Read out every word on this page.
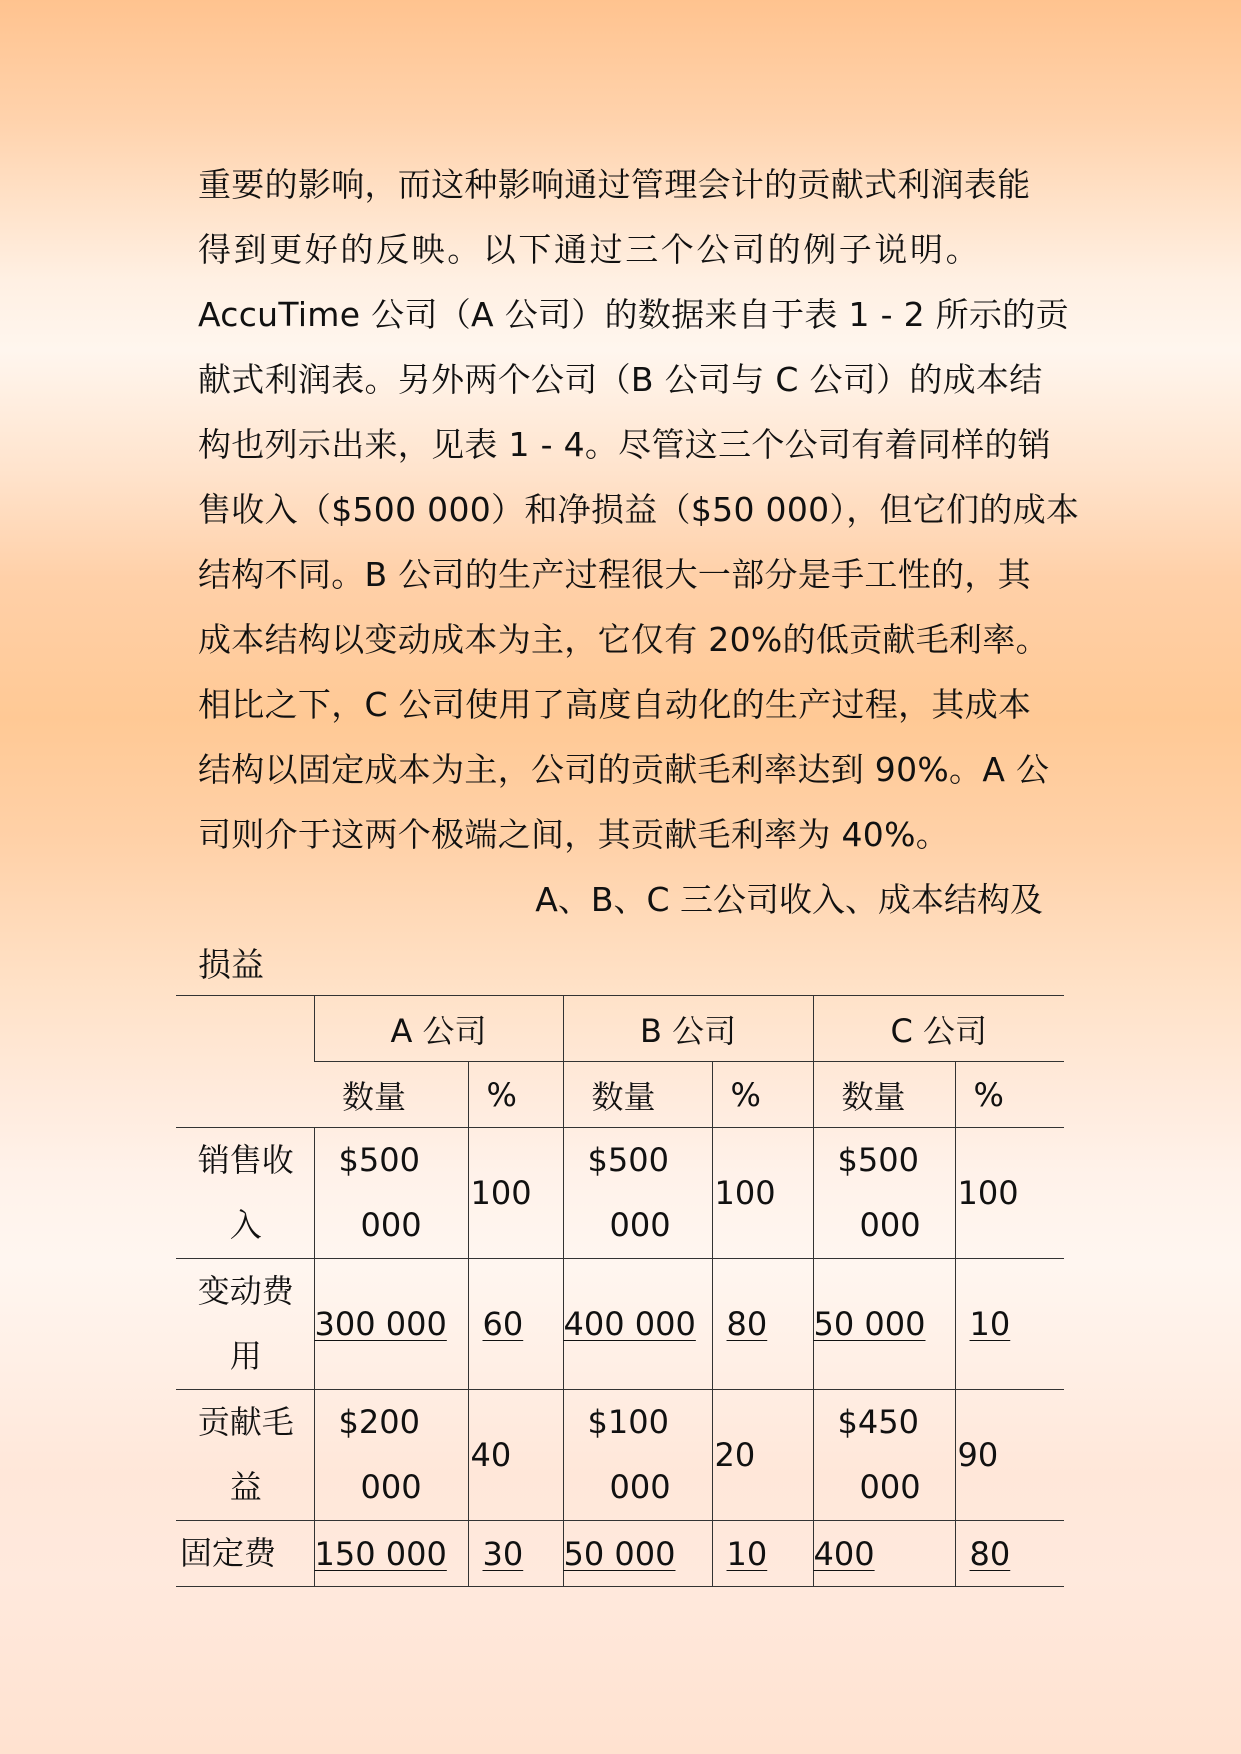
重要的影响，而这种影响通过管理会计的贡献式利润表能
得到更好的反映。以下通过三个公司的例子说明。
AccuTime 公司（A 公司）的数据来自于表 1 - 2 所示的贡
献式利润表。另外两个公司（B 公司与 C 公司）的成本结
构也列示出来，见表 1 - 4。尽管这三个公司有着同样的销
售收入（$500 000）和净损益（$50 000），但它们的成本
结构不同。B 公司的生产过程很大一部分是手工性的，其
成本结构以变动成本为主，它仅有 20%的低贡献毛利率。
相比之下，C 公司使用了高度自动化的生产过程，其成本
结构以固定成本为主，公司的贡献毛利率达到 90%。A 公
司则介于这两个极端之间，其贡献毛利率为 40%。
A、B、C 三公司收入、成本结构及
损益
	A 公司		B 公司		C 公司	
	数量	%	数量	%	数量	%

销售收
入	$500
000	100	$500
000	100	$500
000	100

变动费
用	300 000	60	400 000	80	50 000	10

贡献毛
益	$200
000	40	$100
000	20	$450
000	90
固定费	150 000	30	50 000	10	400	80
